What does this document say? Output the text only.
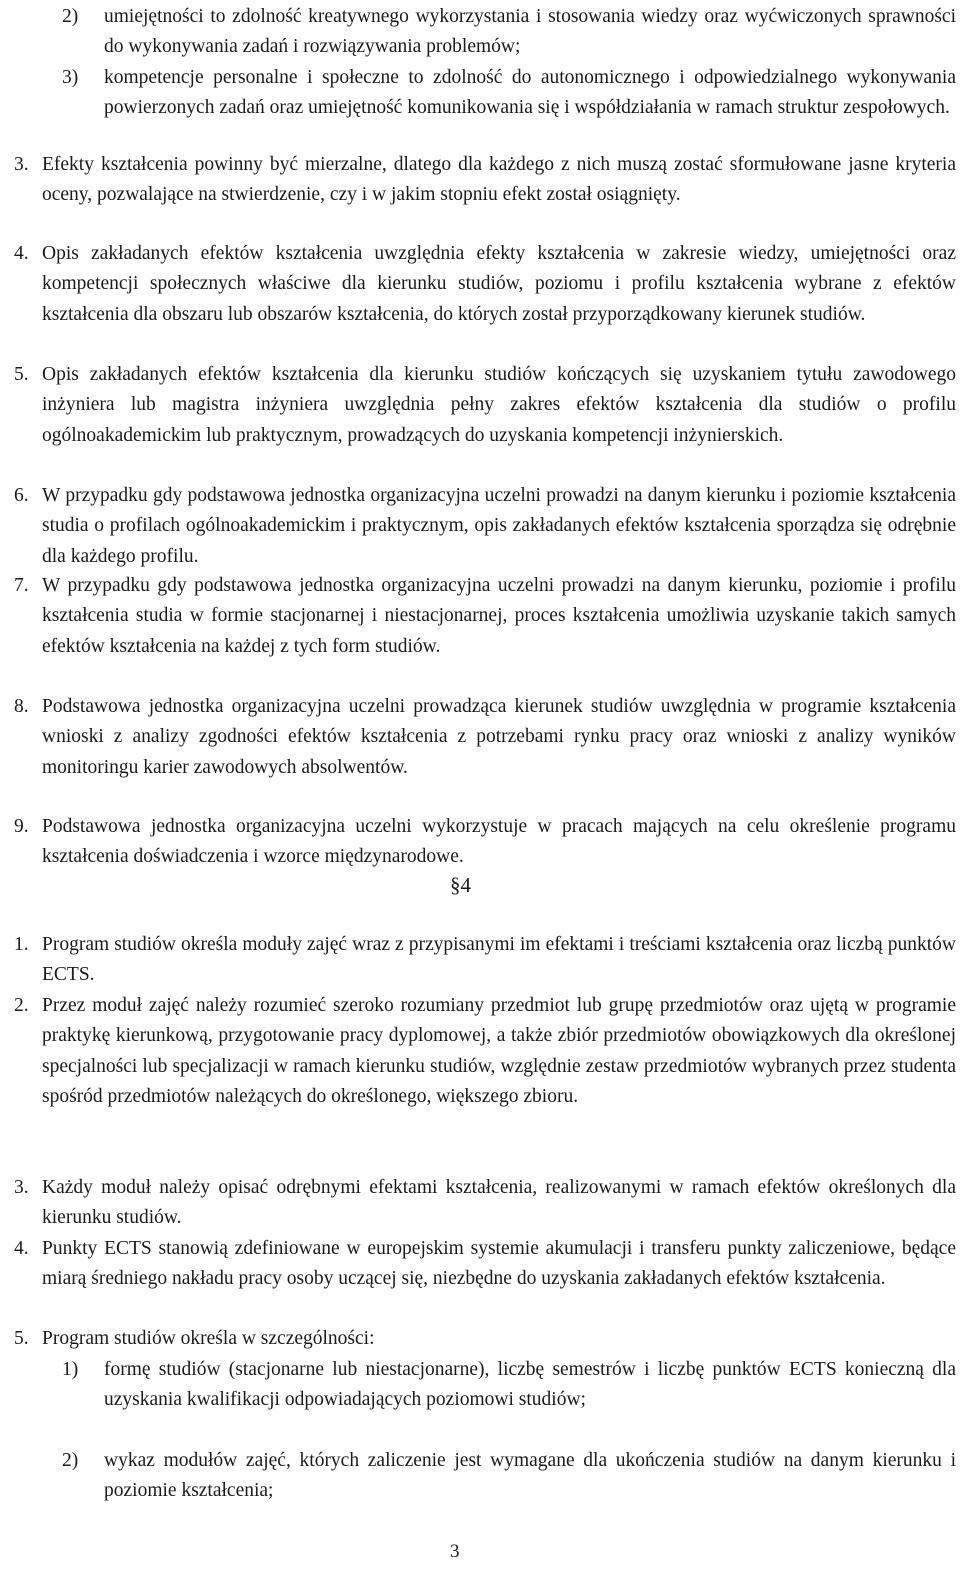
2) umiejętności to zdolność kreatywnego wykorzystania i stosowania wiedzy oraz wyćwiczonych sprawności do wykonywania zadań i rozwiązywania problemów;
3) kompetencje personalne i społeczne to zdolność do autonomicznego i odpowiedzialnego wykonywania powierzonych zadań oraz umiejętność komunikowania się i współdziałania w ramach struktur zespołowych.
3. Efekty kształcenia powinny być mierzalne, dlatego dla każdego z nich muszą zostać sformułowane jasne kryteria oceny, pozwalające na stwierdzenie, czy i w jakim stopniu efekt został osiągnięty.
4. Opis zakładanych efektów kształcenia uwzględnia efekty kształcenia w zakresie wiedzy, umiejętności oraz kompetencji społecznych właściwe dla kierunku studiów, poziomu i profilu kształcenia wybrane z efektów kształcenia dla obszaru lub obszarów kształcenia, do których został przyporządkowany kierunek studiów.
5. Opis zakładanych efektów kształcenia dla kierunku studiów kończących się uzyskaniem tytułu zawodowego inżyniera lub magistra inżyniera uwzględnia pełny zakres efektów kształcenia dla studiów o profilu ogólnoakademickim lub praktycznym, prowadzących do uzyskania kompetencji inżynierskich.
6. W przypadku gdy podstawowa jednostka organizacyjna uczelni prowadzi na danym kierunku i poziomie kształcenia studia o profilach ogólnoakademickim i praktycznym, opis zakładanych efektów kształcenia sporządza się odrębnie dla każdego profilu.
7. W przypadku gdy podstawowa jednostka organizacyjna uczelni prowadzi na danym kierunku, poziomie i profilu kształcenia studia w formie stacjonarnej i niestacjonarnej, proces kształcenia umożliwia uzyskanie takich samych efektów kształcenia na każdej z tych form studiów.
8. Podstawowa jednostka organizacyjna uczelni prowadząca kierunek studiów uwzględnia w programie kształcenia wnioski z analizy zgodności efektów kształcenia z potrzebami rynku pracy oraz wnioski z analizy wyników monitoringu karier zawodowych absolwentów.
9. Podstawowa jednostka organizacyjna uczelni wykorzystuje w pracach mających na celu określenie programu kształcenia doświadczenia i wzorce międzynarodowe.
§4
1. Program studiów określa moduły zajęć wraz z przypisanymi im efektami i treściami kształcenia oraz liczbą punktów ECTS.
2. Przez moduł zajęć należy rozumieć szeroko rozumiany przedmiot lub grupę przedmiotów oraz ujętą w programie praktykę kierunkową, przygotowanie pracy dyplomowej, a także zbiór przedmiotów obowiązkowych dla określonej specjalności lub specjalizacji w ramach kierunku studiów, względnie zestaw przedmiotów wybranych przez studenta spośród przedmiotów należących do określonego, większego zbioru.
3. Każdy moduł należy opisać odrębnymi efektami kształcenia, realizowanymi w ramach efektów określonych dla kierunku studiów.
4. Punkty ECTS stanowią zdefiniowane w europejskim systemie akumulacji i transferu punkty zaliczeniowe, będące miarą średniego nakładu pracy osoby uczącej się, niezbędne do uzyskania zakładanych efektów kształcenia.
5. Program studiów określa w szczególności:
1) formę studiów (stacjonarne lub niestacjonarne), liczbę semestrów i liczbę punktów ECTS konieczną dla uzyskania kwalifikacji odpowiadających poziomowi studiów;
2) wykaz modułów zajęć, których zaliczenie jest wymagane dla ukończenia studiów na danym kierunku i poziomie kształcenia;
3
